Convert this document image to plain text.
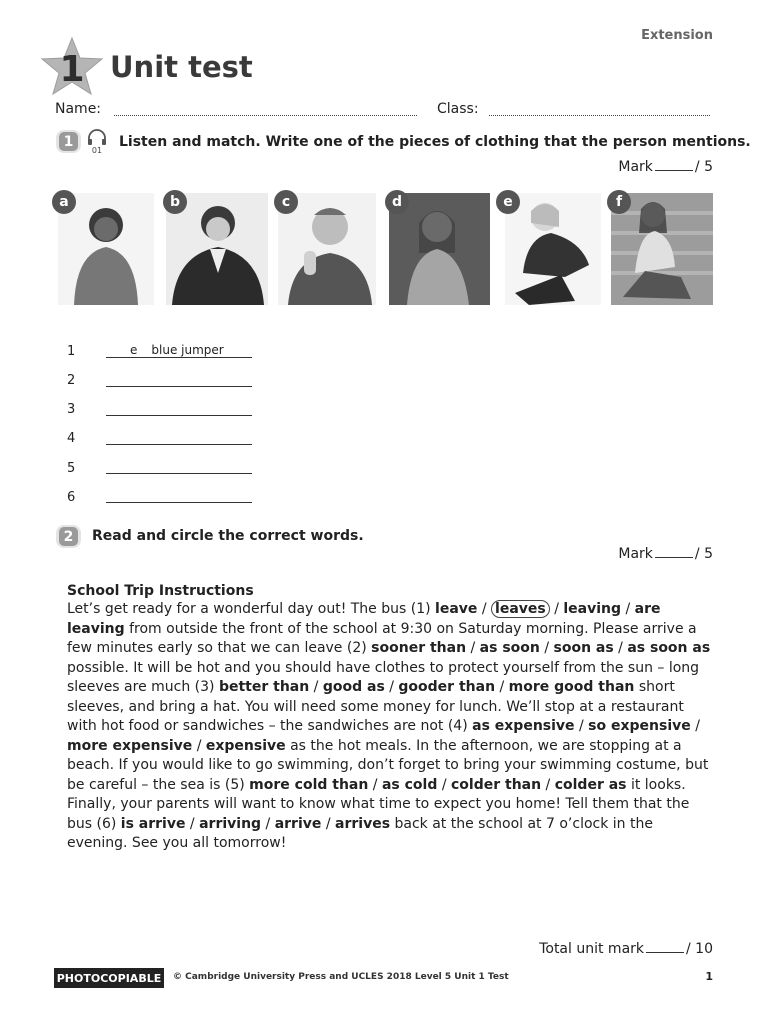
Extension
1 Unit test
Name:	Class:
1
01
Listen and match. Write one of the pieces of clothing that the person mentions.
Mark	/ 5
a	b	c	d	e	f
1	e blue jumper
2
3
4
5
6
2	Read and circle the correct words.
Mark	/ 5
School Trip Instructions
Let’s get ready for a wonderful day out! The bus (1) leave / leaves / leaving / are leaving from outside the front of the school at 9:30 on Saturday morning. Please arrive a few minutes early so that we can leave (2) sooner than / as soon / soon as / as soon as possible. It will be hot and you should have clothes to protect yourself from the sun – long sleeves are much (3) better than / good as / gooder than / more good than short sleeves, and bring a hat. You will need some money for lunch. We’ll stop at a restaurant with hot food or sandwiches – the sandwiches are not (4) as expensive / so expensive / more expensive / expensive as the hot meals. In the afternoon, we are stopping at a beach. If you would like to go swimming, don’t forget to bring your swimming costume, but be careful – the sea is (5) more cold than / as cold / colder than / colder as it looks. Finally, your parents will want to know what time to expect you home! Tell them that the bus (6) is arrive / arriving / arrive / arrives back at the school at 7 o’clock in the evening. See you all tomorrow!
Total unit mark	/ 10
PHOTOCOPIABLE	© Cambridge University Press and UCLES 2018 Level 5 Unit 1 Test	1
